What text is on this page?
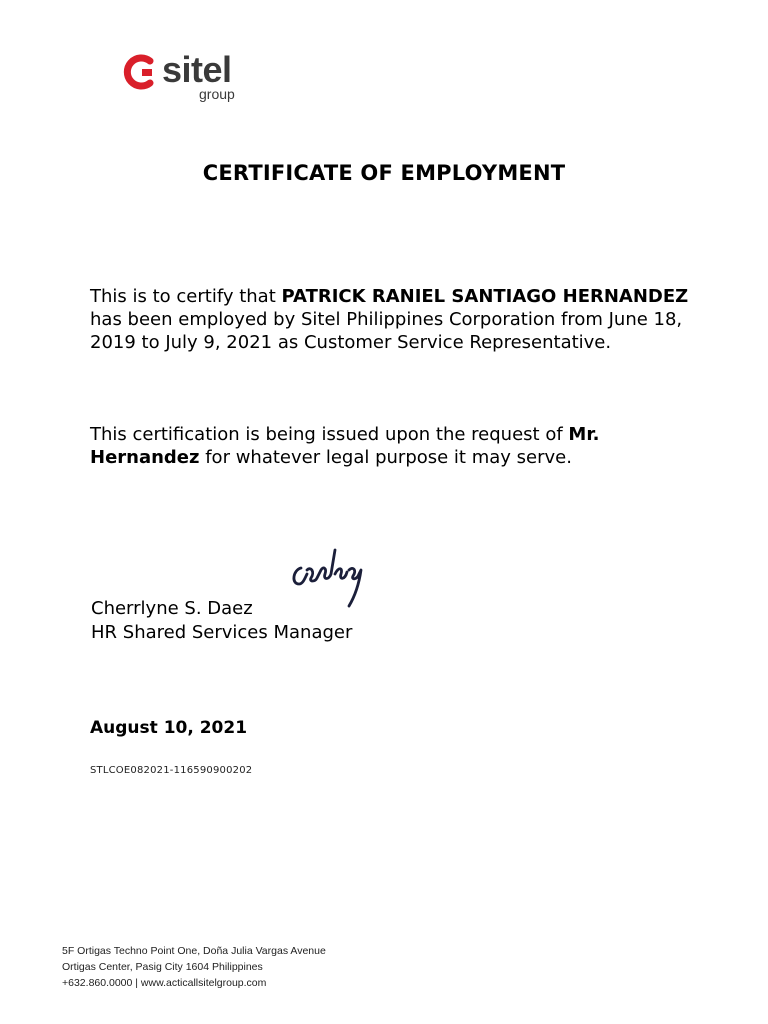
sitel
group
CERTIFICATE OF EMPLOYMENT
This is to certify that PATRICK RANIEL SANTIAGO HERNANDEZ has been employed by Sitel Philippines Corporation from June 18, 2019 to July 9, 2021 as Customer Service Representative.
This certification is being issued upon the request of Mr. Hernandez for whatever legal purpose it may serve.
Cherrlyne S. Daez
HR Shared Services Manager
August 10, 2021
STLCOE082021-116590900202
5F Ortigas Techno Point One, Doña Julia Vargas Avenue
Ortigas Center, Pasig City 1604 Philippines
+632.860.0000 | www.acticallsitelgroup.com
